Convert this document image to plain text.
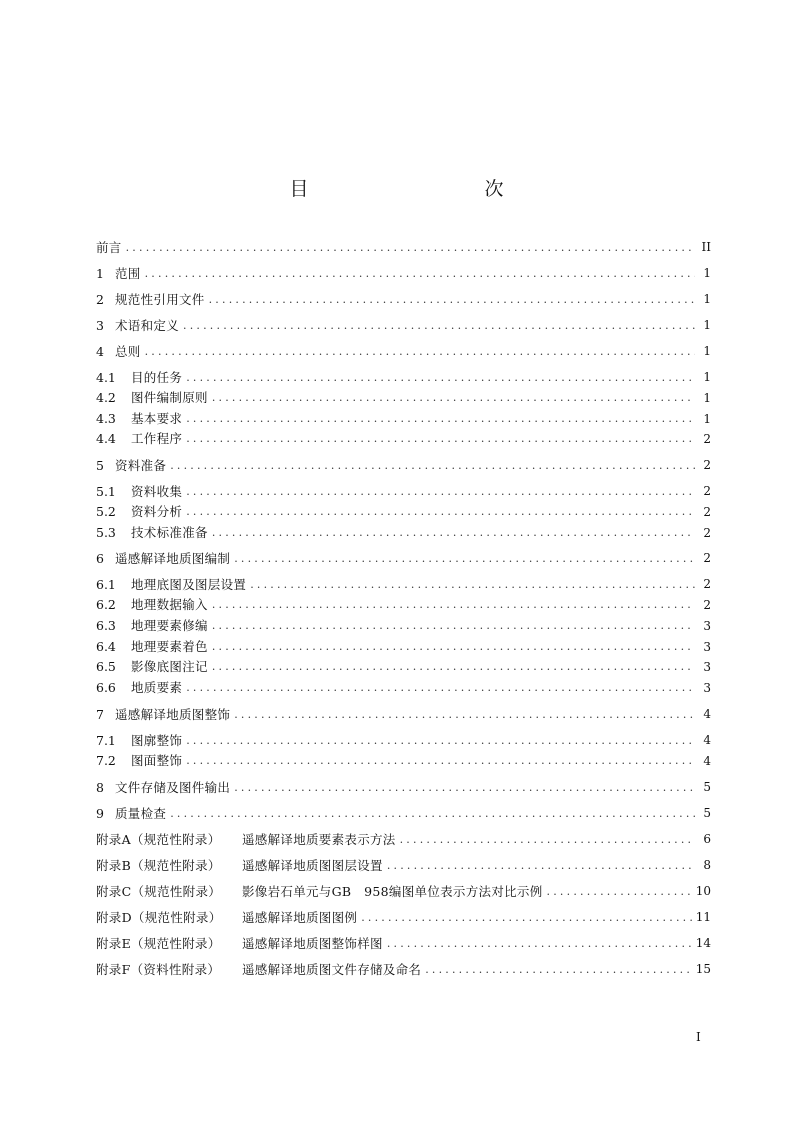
目　　次
前言 .....	II
1 范围 .....	1
2 规范性引用文件 .....	1
3 术语和定义 .....	1
4 总则 .....	1
4.1	目的任务 .....	1
4.2	图件编制原则 .....	1
4.3	基本要求 .....	1
4.4	工作程序 .....	2
5 资料准备 .....	2
5.1	资料收集 .....	2
5.2	资料分析 .....	2
5.3	技术标准准备 .....	2
6 遥感解译地质图编制 .....	2
6.1	地理底图及图层设置 .....	2
6.2	地理数据输入 .....	2
6.3	地理要素修编 .....	3
6.4	地理要素着色 .....	3
6.5	影像底图注记 .....	3
6.6	地质要素 .....	3
7 遥感解译地质图整饰 .....	4
7.1	图廓整饰 .....	4
7.2	图面整饰 .....	4
8 文件存储及图件输出 .....	5
9 质量检查 .....	5
附录A（规范性附录）	遥感解译地质要素表示方法 .....	6
附录B（规范性附录）	遥感解译地质图图层设置 .....	8
附录C（规范性附录）	影像岩石单元与GB　958编图单位表示方法对比示例 .....	10
附录D（规范性附录）	遥感解译地质图图例 .....	11
附录E（规范性附录）	遥感解译地质图整饰样图 .....	14
附录F（资料性附录）	遥感解译地质图文件存储及命名 .....	15
I
